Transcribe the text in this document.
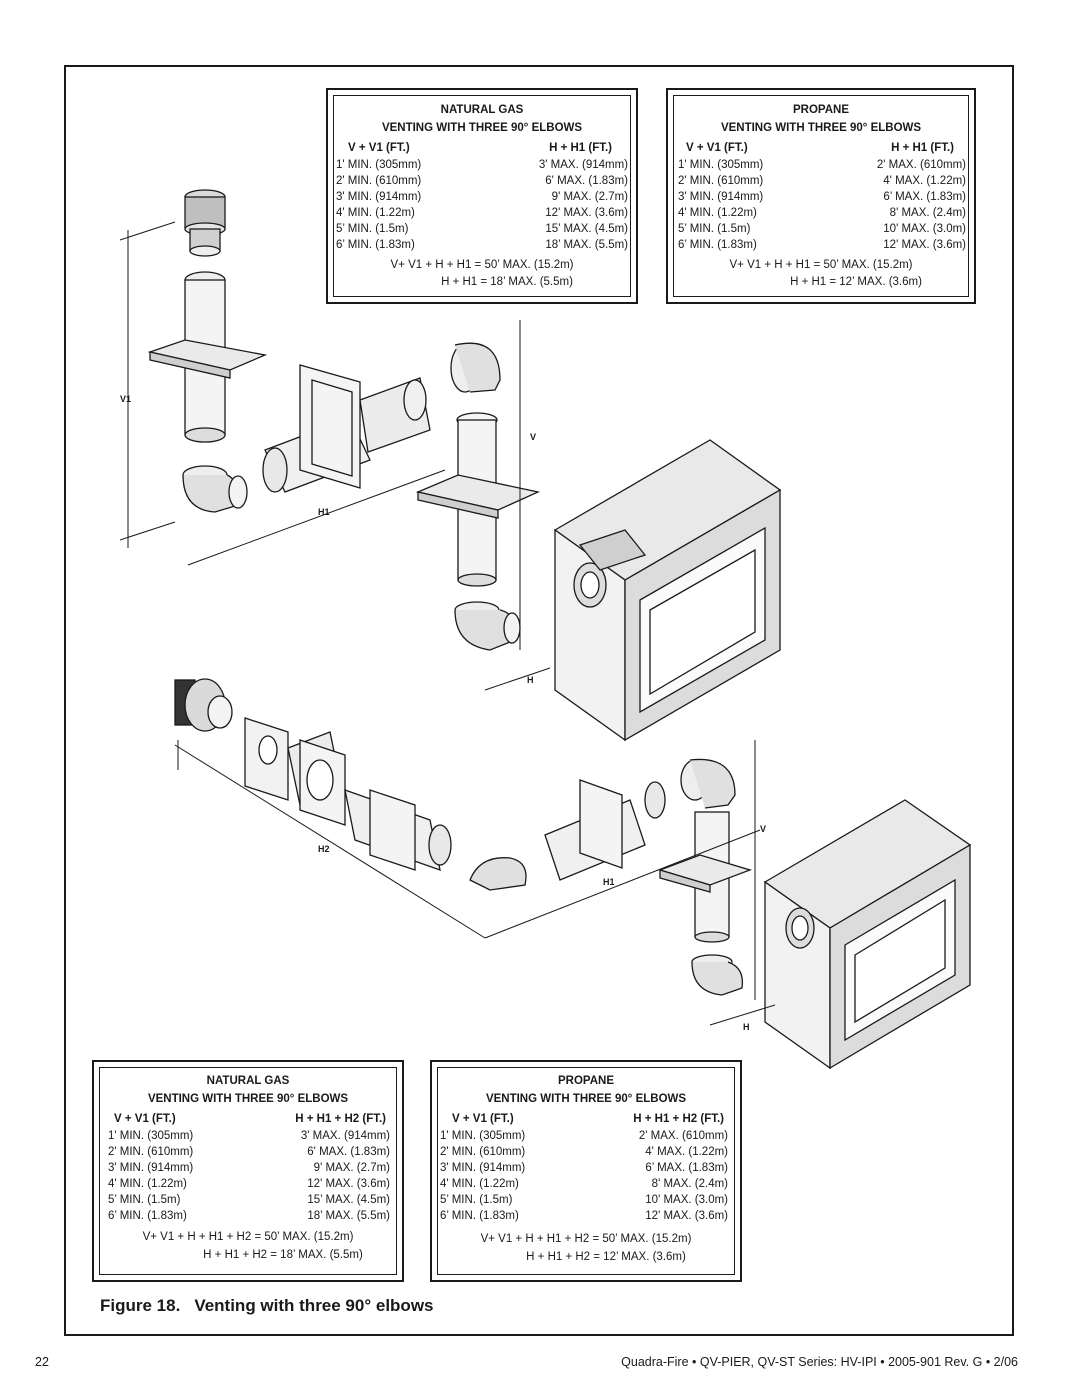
V1
H1
V
H
H2
H1
V
H
NATURAL GAS
VENTING WITH THREE 90° ELBOWS
V + V1 (FT.)	H + H1 (FT.)
1' MIN. (305mm)	3' MAX. (914mm)
2' MIN. (610mm)	6' MAX. (1.83m)
3' MIN. (914mm)	9' MAX. (2.7m)
4' MIN. (1.22m)	12' MAX. (3.6m)
5’ MIN. (1.5m)	15’ MAX. (4.5m)
6’ MIN. (1.83m)	18’ MAX. (5.5m)
V+ V1 + H + H1 = 50’ MAX. (15.2m)
H + H1 = 18’ MAX. (5.5m)
PROPANE
VENTING WITH THREE 90° ELBOWS
V + V1 (FT.)	H + H1 (FT.)
1' MIN. (305mm)	2' MAX. (610mm)
2' MIN. (610mm)	4' MAX. (1.22m)
3' MIN. (914mm)	6’ MAX. (1.83m)
4' MIN. (1.22m)	8' MAX. (2.4m)
5’ MIN. (1.5m)	10' MAX. (3.0m)
6’ MIN. (1.83m)	12' MAX. (3.6m)
V+ V1 + H + H1 = 50’ MAX. (15.2m)
H + H1 = 12’ MAX. (3.6m)
NATURAL GAS
VENTING WITH THREE 90° ELBOWS
V + V1 (FT.)	H + H1 + H2 (FT.)
1' MIN. (305mm)	3' MAX. (914mm)
2' MIN. (610mm)	6' MAX. (1.83m)
3' MIN. (914mm)	9' MAX. (2.7m)
4' MIN. (1.22m)	12' MAX. (3.6m)
5’ MIN. (1.5m)	15’ MAX. (4.5m)
6’ MIN. (1.83m)	18’ MAX. (5.5m)
V+ V1 + H + H1 + H2 = 50’ MAX. (15.2m)
H + H1 + H2 = 18’ MAX. (5.5m)
PROPANE
VENTING WITH THREE 90° ELBOWS
V + V1 (FT.)	H + H1 + H2 (FT.)
1' MIN. (305mm)	2' MAX. (610mm)
2' MIN. (610mm)	4' MAX. (1.22m)
3' MIN. (914mm)	6’ MAX. (1.83m)
4' MIN. (1.22m)	8' MAX. (2.4m)
5’ MIN. (1.5m)	10' MAX. (3.0m)
6’ MIN. (1.83m)	12' MAX. (3.6m)
V+ V1 + H + H1 + H2 = 50’ MAX. (15.2m)
H + H1 + H2 = 12’ MAX. (3.6m)
Figure 18. Venting with three 90° elbows
22	Quadra-Fire • QV-PIER, QV-ST Series: HV-IPI • 2005-901 Rev. G • 2/06
